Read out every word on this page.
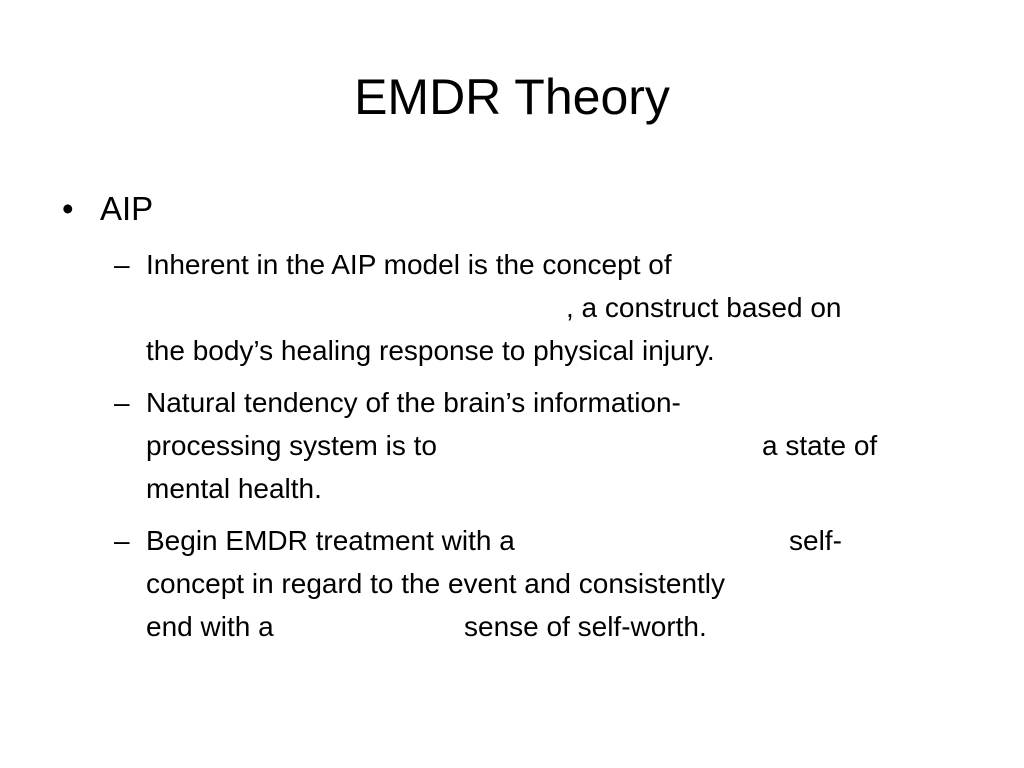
EMDR Theory
• AIP

– Inherent in the AIP model is the concept of

, a construct based on

the body’s healing response to physical injury.

– Natural tendency of the brain’s information-

processing system is to	a state of

mental health.

– Begin EMDR treatment with a	self-

concept in regard to the event and consistently

end with a	sense of self-worth.
